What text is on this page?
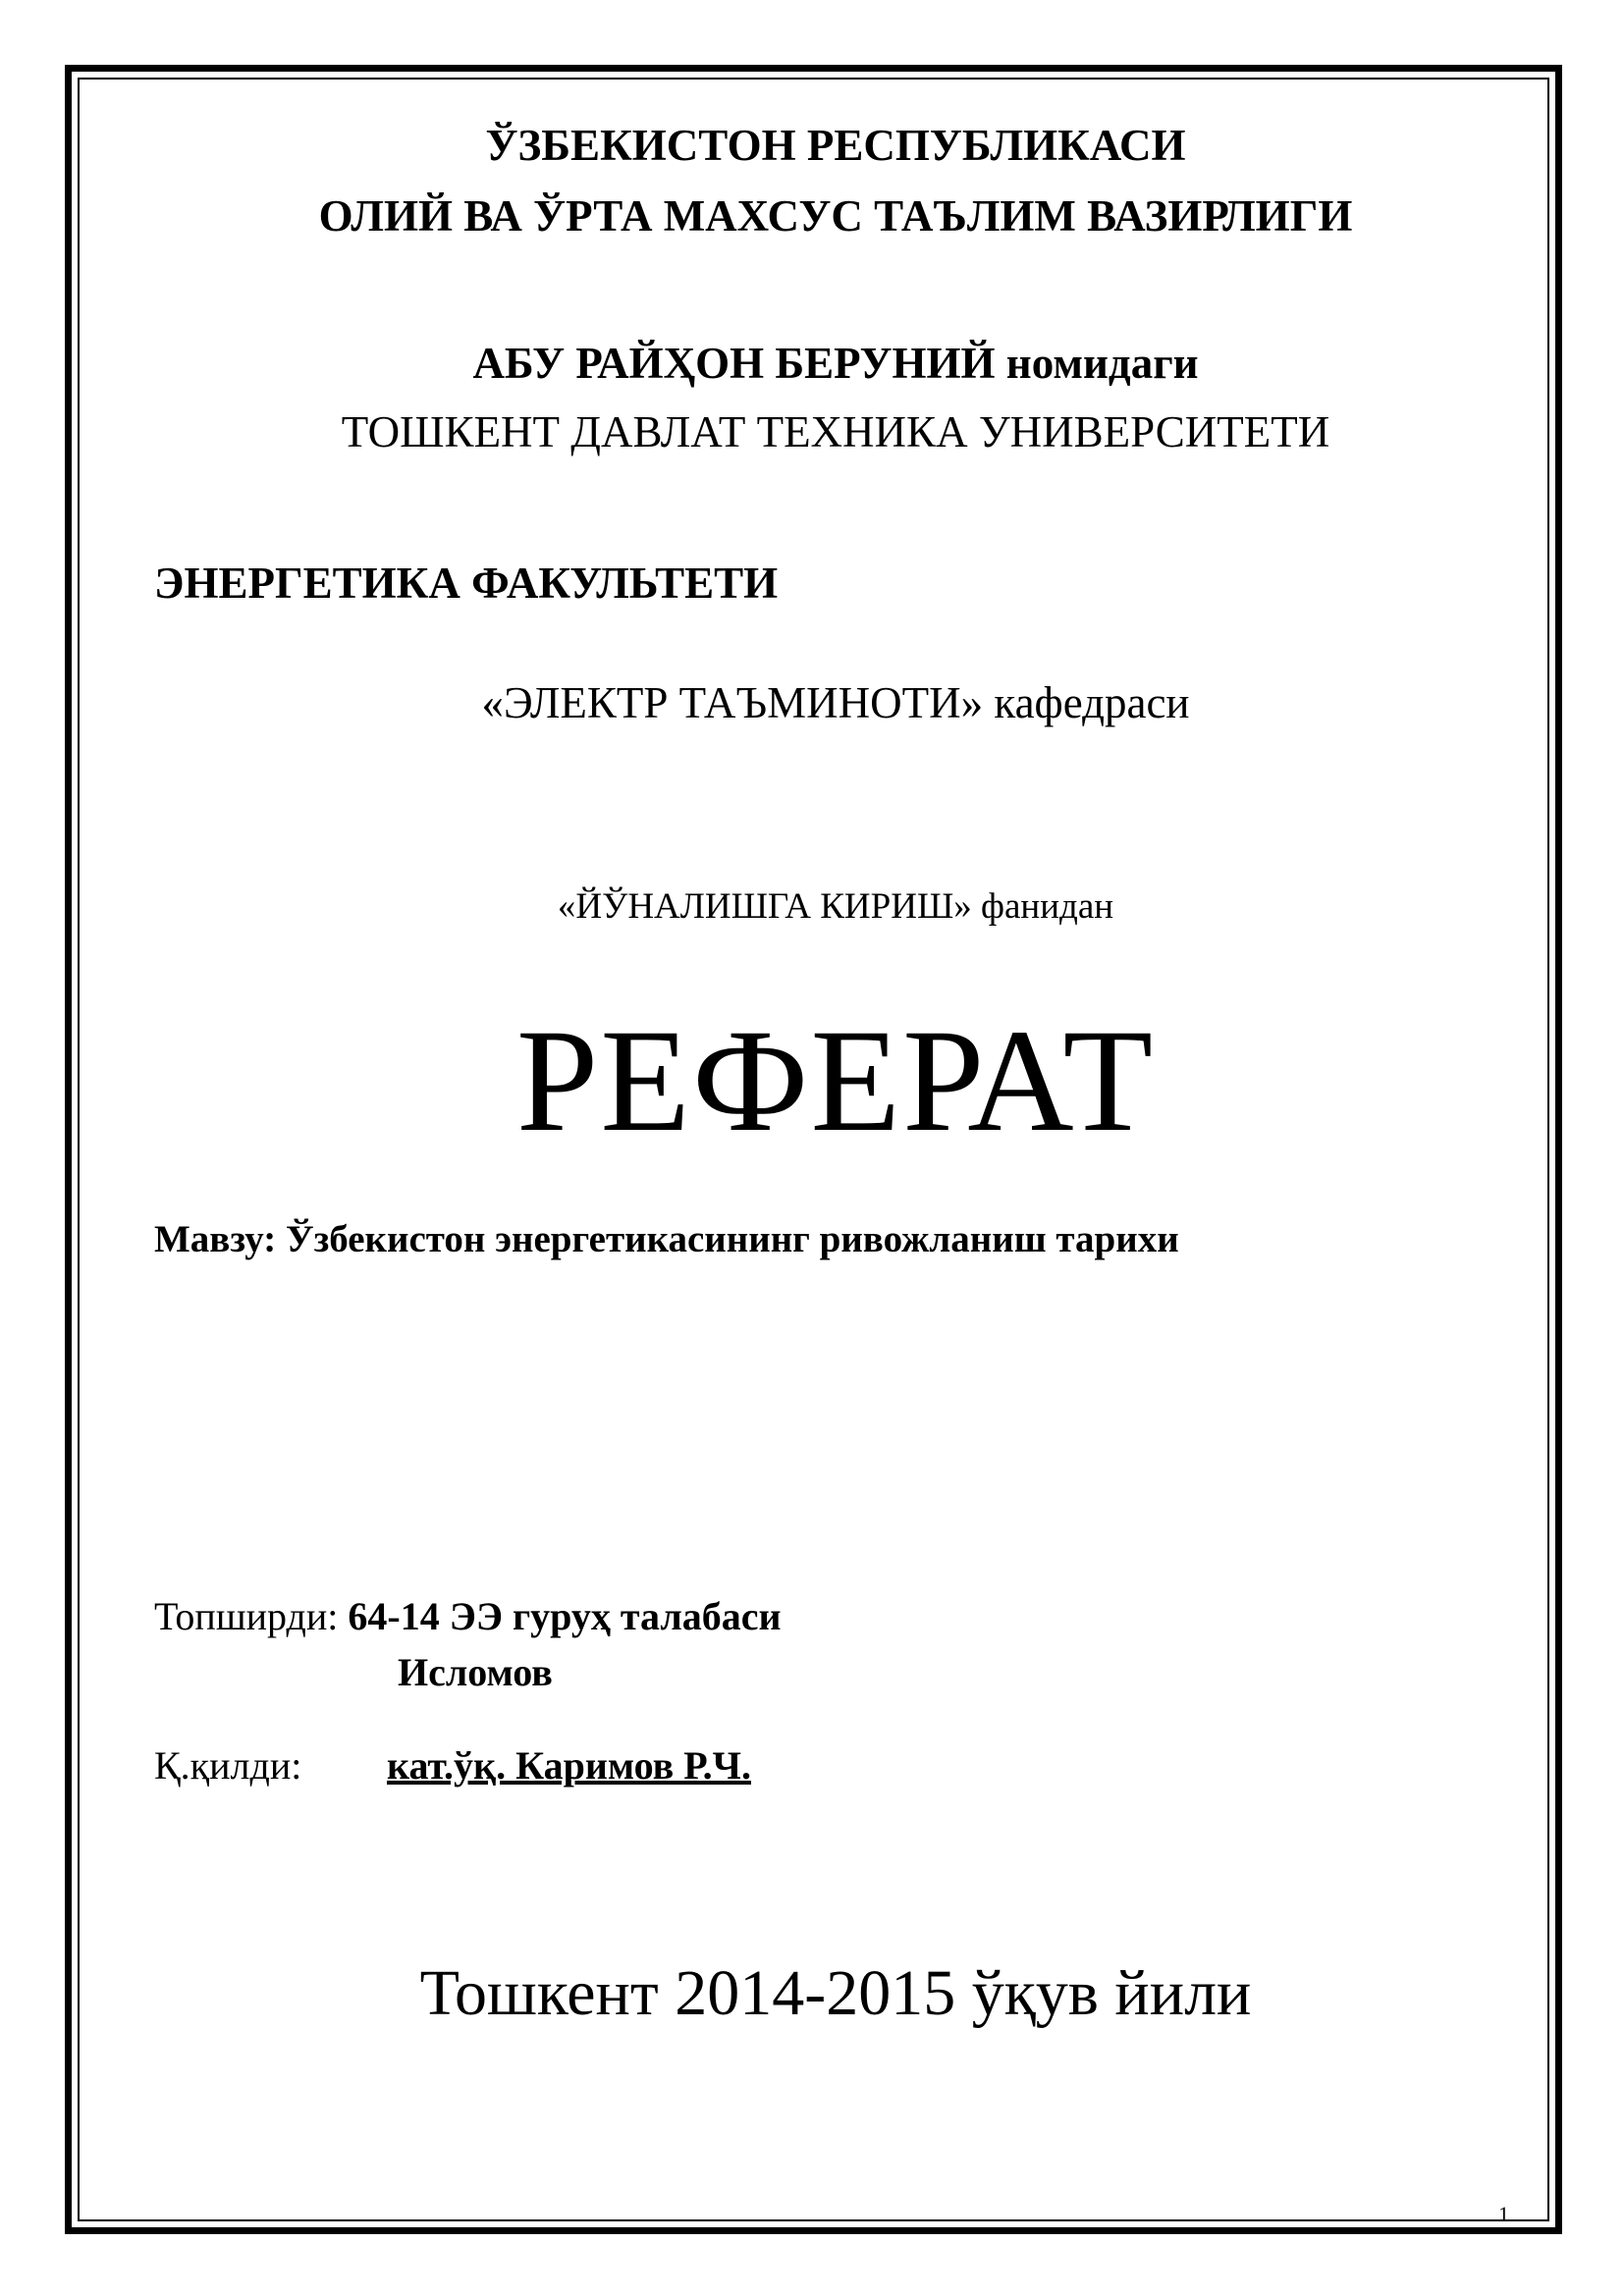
ЎЗБЕКИСТОН РЕСПУБЛИКАСИ
ОЛИЙ ВА ЎРТА МАХСУС ТАЪЛИМ ВАЗИРЛИГИ
АБУ РАЙҲОН БЕРУНИЙ номидаги
ТОШКЕНТ ДАВЛАТ ТЕХНИКА УНИВЕРСИТЕТИ
ЭНЕРГЕТИКА ФАКУЛЬТЕТИ
«ЭЛЕКТР ТАЪМИНОТИ» кафедраси
«ЙЎНАЛИШГА КИРИШ» фанидан
РЕФЕРАТ
Мавзу: Ўзбекистон энергетикасининг ривожланиш тарихи
Топширди: 64-14 ЭЭ гуруҳ талабаси
Исломов
Қ.қилди: кат.ўқ. Каримов Р.Ч.
Тошкент 2014-2015 ўқув йили
1
